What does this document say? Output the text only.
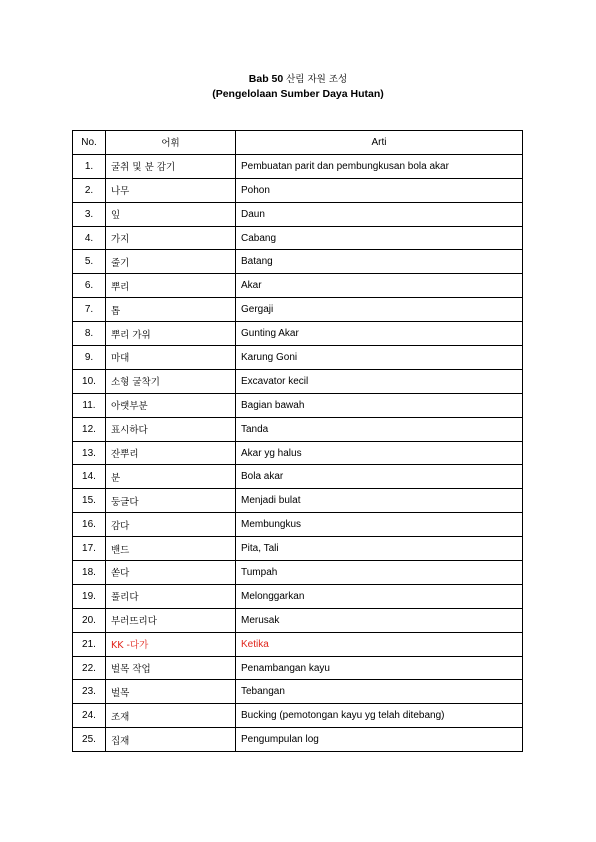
Bab 50 산림 자원 조성
(Pengelolaan Sumber Daya Hutan)
No.	어휘	Arti
1.	굴취 및 분 감기	Pembuatan parit dan pembungkusan bola akar
2.	나무	Pohon
3.	잎	Daun
4.	가지	Cabang
5.	줄기	Batang
6.	뿌리	Akar
7.	톱	Gergaji
8.	뿌리 가위	Gunting Akar
9.	마대	Karung Goni
10.	소형 굴착기	Excavator kecil
11.	아랫부분	Bagian bawah
12.	표시하다	Tanda
13.	잔뿌리	Akar yg halus
14.	분	Bola akar
15.	둥글다	Menjadi bulat
16.	감다	Membungkus
17.	밴드	Pita, Tali
18.	쏟다	Tumpah
19.	풀리다	Melonggarkan
20.	부러뜨리다	Merusak
21.	KK -다가	Ketika
22.	벌목 작업	Penambangan kayu
23.	벌목	Tebangan
24.	조재	Bucking (pemotongan kayu yg telah ditebang)
25.	집재	Pengumpulan log
